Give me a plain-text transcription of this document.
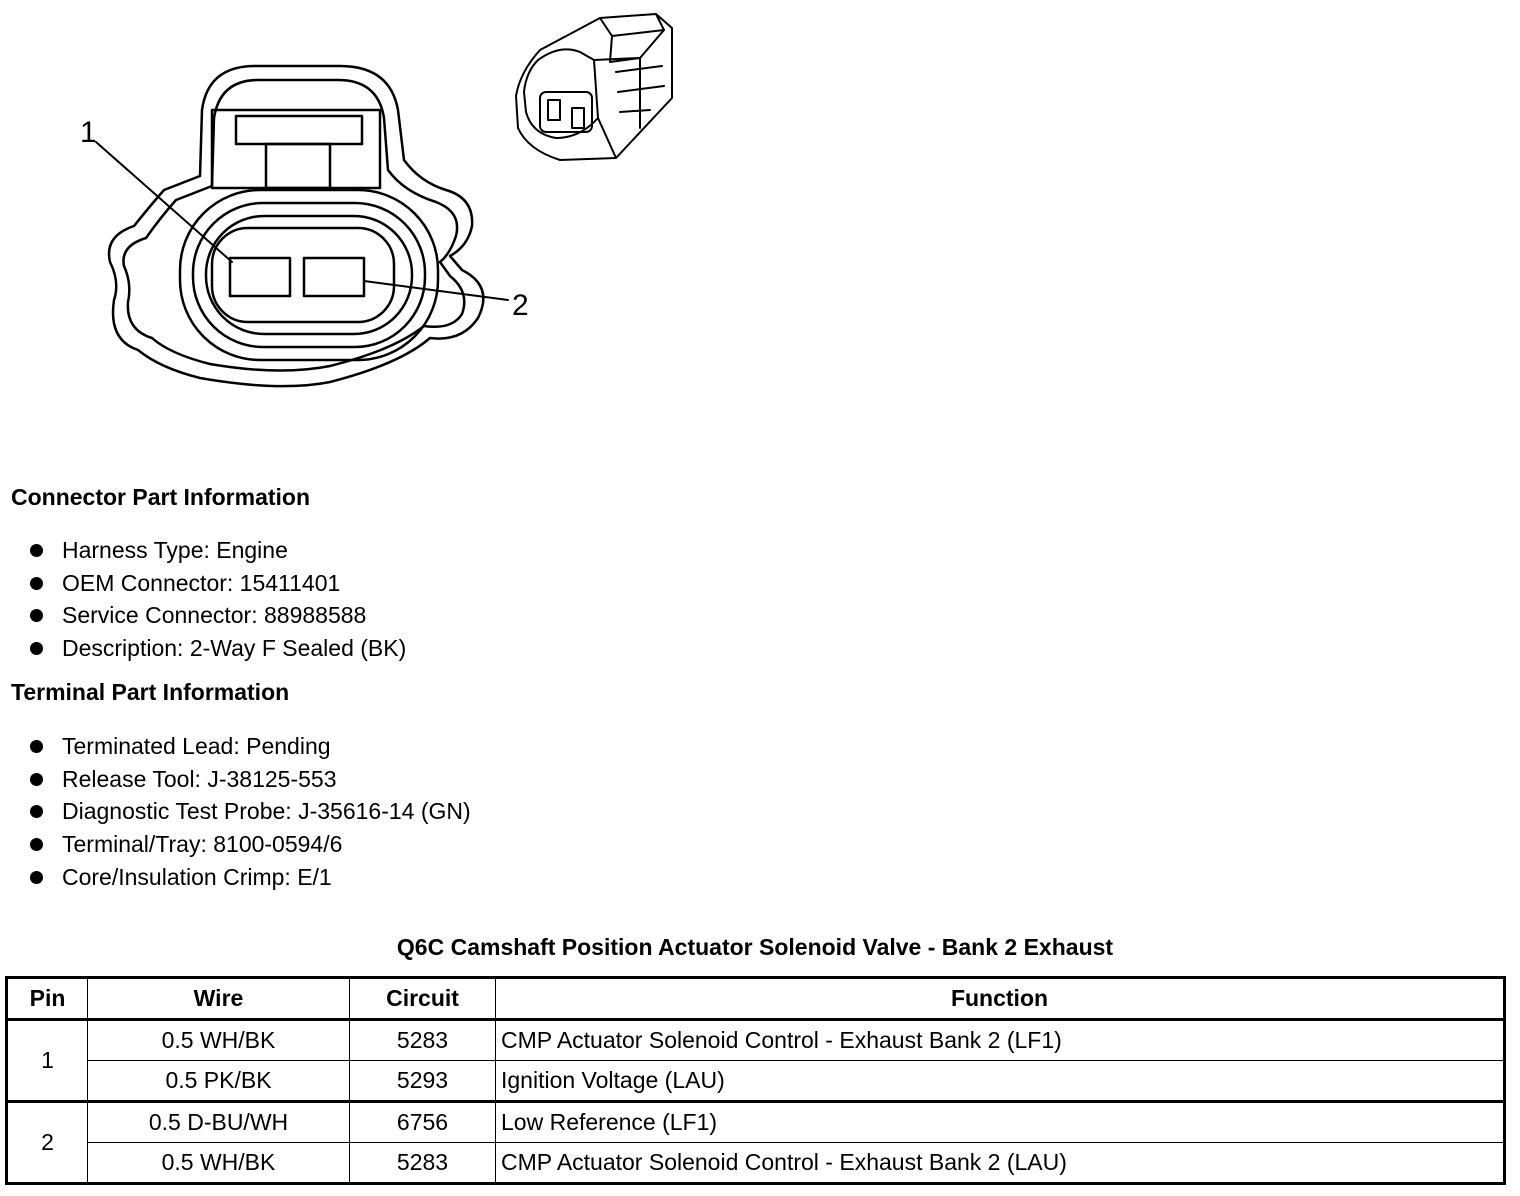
1
2
Connector Part Information
Harness Type: Engine
OEM Connector: 15411401
Service Connector: 88988588
Description: 2-Way F Sealed (BK)
Terminal Part Information
Terminated Lead: Pending
Release Tool: J-38125-553
Diagnostic Test Probe: J-35616-14 (GN)
Terminal/Tray: 8100-0594/6
Core/Insulation Crimp: E/1
Q6C Camshaft Position Actuator Solenoid Valve - Bank 2 Exhaust
Pin	Wire	Circuit	Function
1	0.5 WH/BK	5283	CMP Actuator Solenoid Control - Exhaust Bank 2 (LF1)
	0.5 PK/BK	5293	Ignition Voltage (LAU)
2	0.5 D-BU/WH	6756	Low Reference (LF1)
	0.5 WH/BK	5283	CMP Actuator Solenoid Control - Exhaust Bank 2 (LAU)
